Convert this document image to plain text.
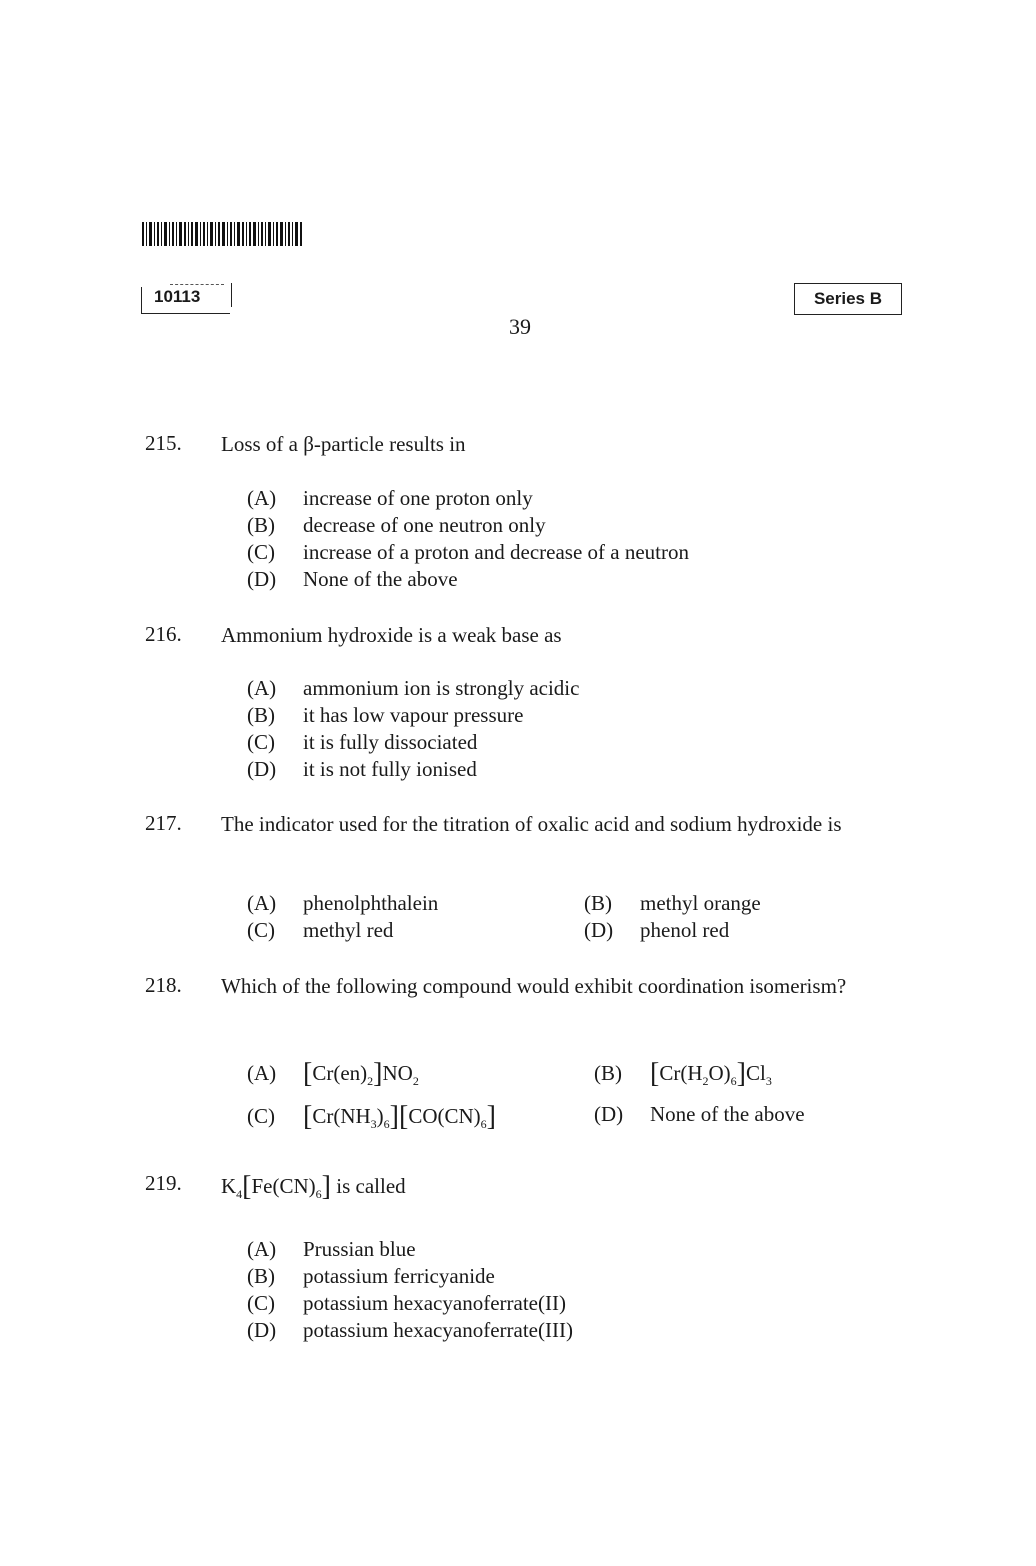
10113	Series B
39
215.	Loss of a β-particle results in
(A) increase of one proton only
(B) decrease of one neutron only
(C) increase of a proton and decrease of a neutron
(D) None of the above
216.	Ammonium hydroxide is a weak base as
(A) ammonium ion is strongly acidic
(B) it has low vapour pressure
(C) it is fully dissociated
(D) it is not fully ionised
217.	The indicator used for the titration of oxalic acid and sodium hydroxide is
(A) phenolphthalein	(B) methyl orange
(C) methyl red	(D) phenol red
218.	Which of the following compound would exhibit coordination isomerism?
(A) $[Cr(en)_2]NO_2$	(B) $[Cr(H_2O)_6]Cl_3$
(C) $[Cr(NH_3)_6][CO(CN)_6]$	(D) None of the above
219.	$K_4[Fe(CN)_6]$ is called
(A) Prussian blue
(B) potassium ferricyanide
(C) potassium hexacyanoferrate(II)
(D) potassium hexacyanoferrate(III)
